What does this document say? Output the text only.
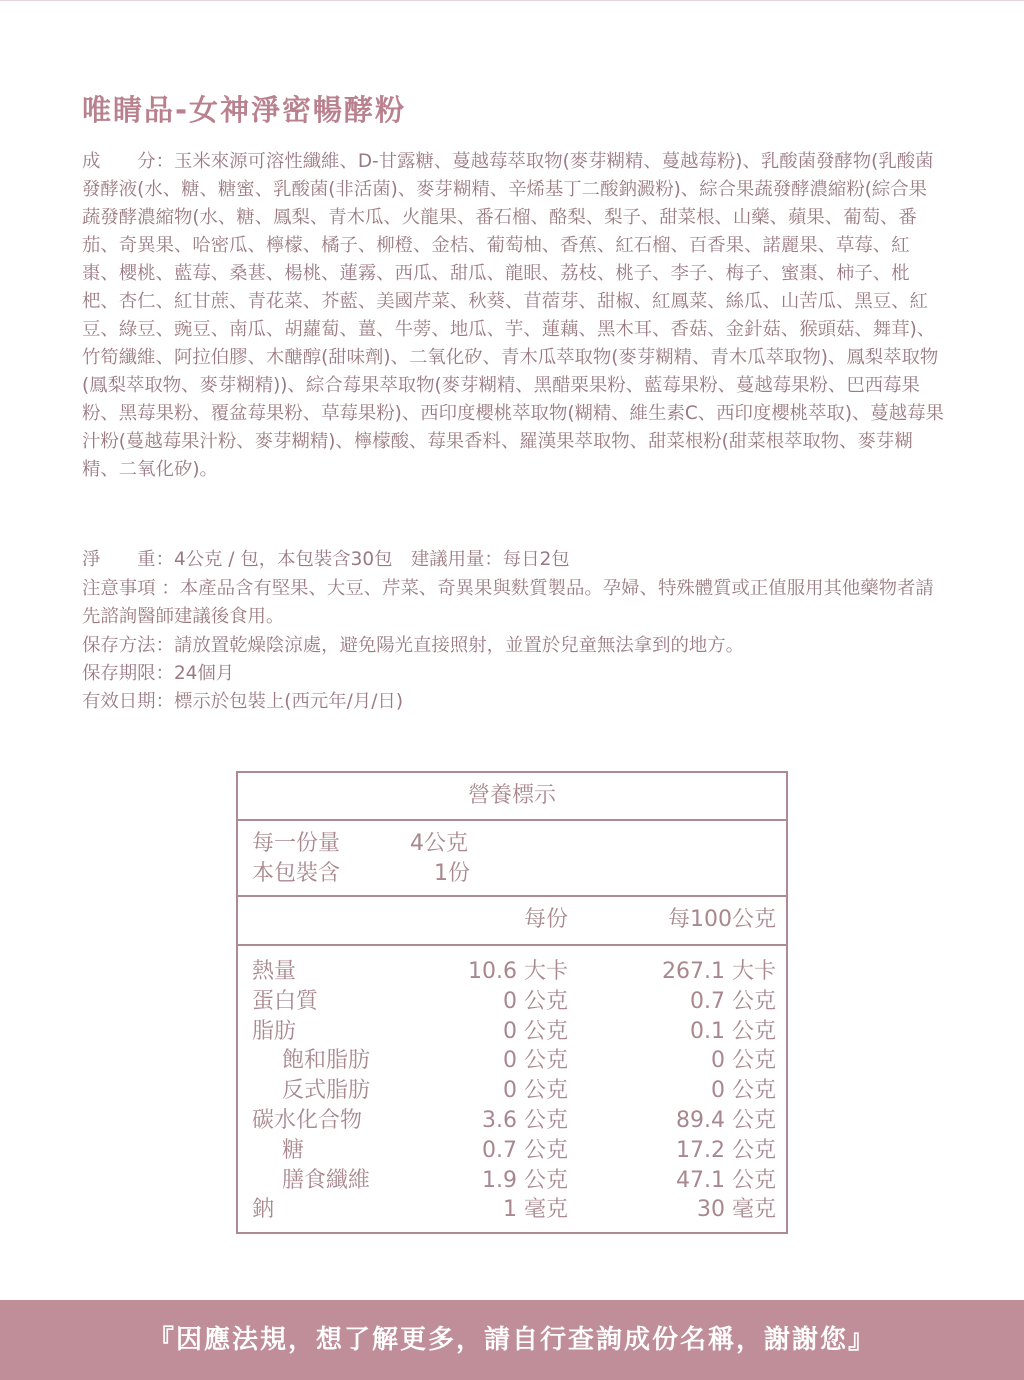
唯睛品-女神淨密暢酵粉
成　　分：玉米來源可溶性纖維、D-甘露糖、蔓越莓萃取物(麥芽糊精、蔓越莓粉)、乳酸菌發酵物(乳酸菌發酵液(水、糖、糖蜜、乳酸菌(非活菌)、麥芽糊精、辛烯基丁二酸鈉澱粉)、綜合果蔬發酵濃縮粉(綜合果蔬發酵濃縮物(水、糖、鳳梨、青木瓜、火龍果、番石榴、酪梨、梨子、甜菜根、山藥、蘋果、葡萄、番茄、奇異果、哈密瓜、檸檬、橘子、柳橙、金桔、葡萄柚、香蕉、紅石榴、百香果、諾麗果、草莓、紅棗、櫻桃、藍莓、桑葚、楊桃、蓮霧、西瓜、甜瓜、龍眼、荔枝、桃子、李子、梅子、蜜棗、柿子、枇杷、杏仁、紅甘蔗、青花菜、芥藍、美國芹菜、秋葵、苜蓿芽、甜椒、紅鳳菜、絲瓜、山苦瓜、黑豆、紅豆、綠豆、豌豆、南瓜、胡蘿蔔、薑、牛蒡、地瓜、芋、蓮藕、黑木耳、香菇、金針菇、猴頭菇、舞茸)、竹筍纖維、阿拉伯膠、木醣醇(甜味劑)、二氧化矽、青木瓜萃取物(麥芽糊精、青木瓜萃取物)、鳳梨萃取物(鳳梨萃取物、麥芽糊精))、綜合莓果萃取物(麥芽糊精、黑醋栗果粉、藍莓果粉、蔓越莓果粉、巴西莓果粉、黑莓果粉、覆盆莓果粉、草莓果粉)、西印度櫻桃萃取物(糊精、維生素C、西印度櫻桃萃取)、蔓越莓果汁粉(蔓越莓果汁粉、麥芽糊精)、檸檬酸、莓果香料、羅漢果萃取物、甜菜根粉(甜菜根萃取物、麥芽糊精、二氧化矽)。
淨　　重：4公克 / 包，本包裝含30包　建議用量：每日2包
注意事項 ：本產品含有堅果、大豆、芹菜、奇異果與麩質製品。孕婦、特殊體質或正值服用其他藥物者請先諮詢醫師建議後食用。
保存方法：請放置乾燥陰涼處，避免陽光直接照射，並置於兒童無法拿到的地方。
保存期限：24個月
有效日期：標示於包裝上(西元年/月/日)
營養標示
每一份量	4公克
本包裝含	1份
每份	每100公克
熱量	10.6 大卡	267.1 大卡
蛋白質	0 公克	0.7 公克
脂肪	0 公克	0.1 公克
飽和脂肪	0 公克	0 公克
反式脂肪	0 公克	0 公克
碳水化合物	3.6 公克	89.4 公克
糖	0.7 公克	17.2 公克
膳食纖維	1.9 公克	47.1 公克
鈉	1 毫克	30 毫克
『因應法規，想了解更多，請自行查詢成份名稱，謝謝您』
